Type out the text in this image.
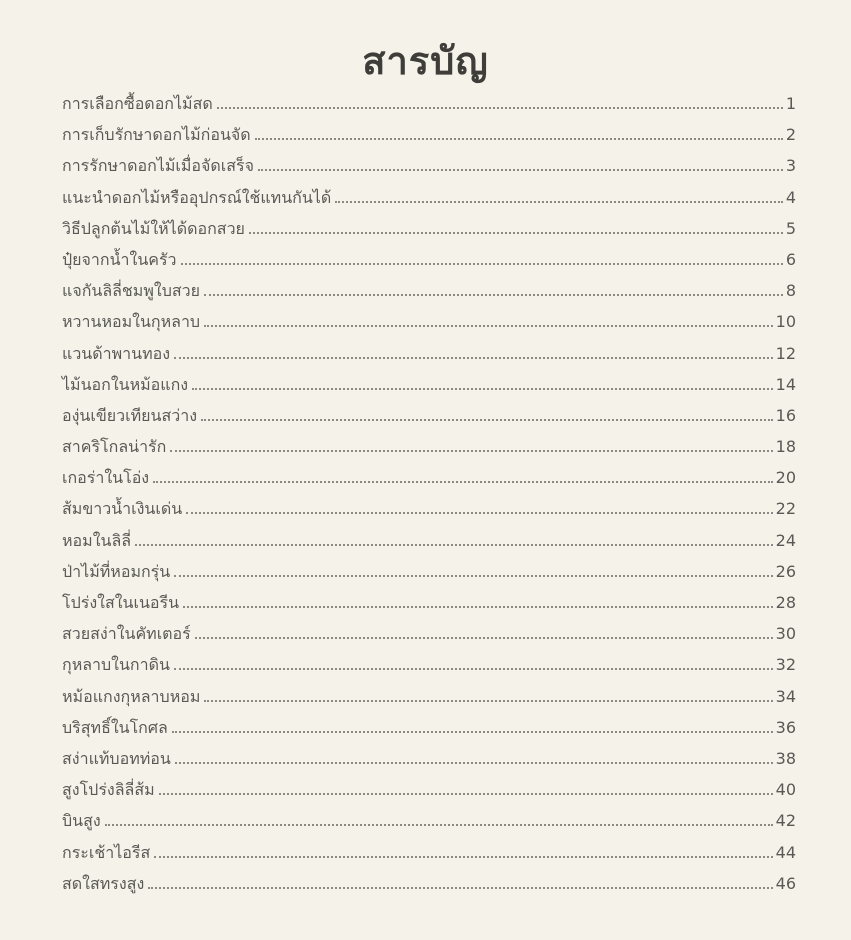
สารบัญ
การเลือกซื้อดอกไม้สด	1
การเก็บรักษาดอกไม้ก่อนจัด	2
การรักษาดอกไม้เมื่อจัดเสร็จ	3
แนะนำดอกไม้หรืออุปกรณ์ใช้แทนกันได้	4
วิธีปลูกต้นไม้ให้ได้ดอกสวย	5
ปุ๋ยจากน้ำในครัว	6
แจกันลิลี่ชมพูใบสวย	8
หวานหอมในกุหลาบ	10
แวนด้าพานทอง	12
ไม้นอกในหม้อแกง	14
องุ่นเขียวเทียนสว่าง	16
สาคริโกลน่ารัก	18
เกอร่าในโอ่ง	20
ส้มขาวน้ำเงินเด่น	22
หอมในลิลี่	24
ป่าไม้ที่หอมกรุ่น	26
โปร่งใสในเนอรีน	28
สวยสง่าในคัทเตอร์	30
กุหลาบในกาดิน	32
หม้อแกงกุหลาบหอม	34
บริสุทธิ์ในโกศล	36
สง่าแท้บอทท่อน	38
สูงโปร่งลิลี่ส้ม	40
บินสูง	42
กระเช้าไอรีส	44
สดใสทรงสูง	46
